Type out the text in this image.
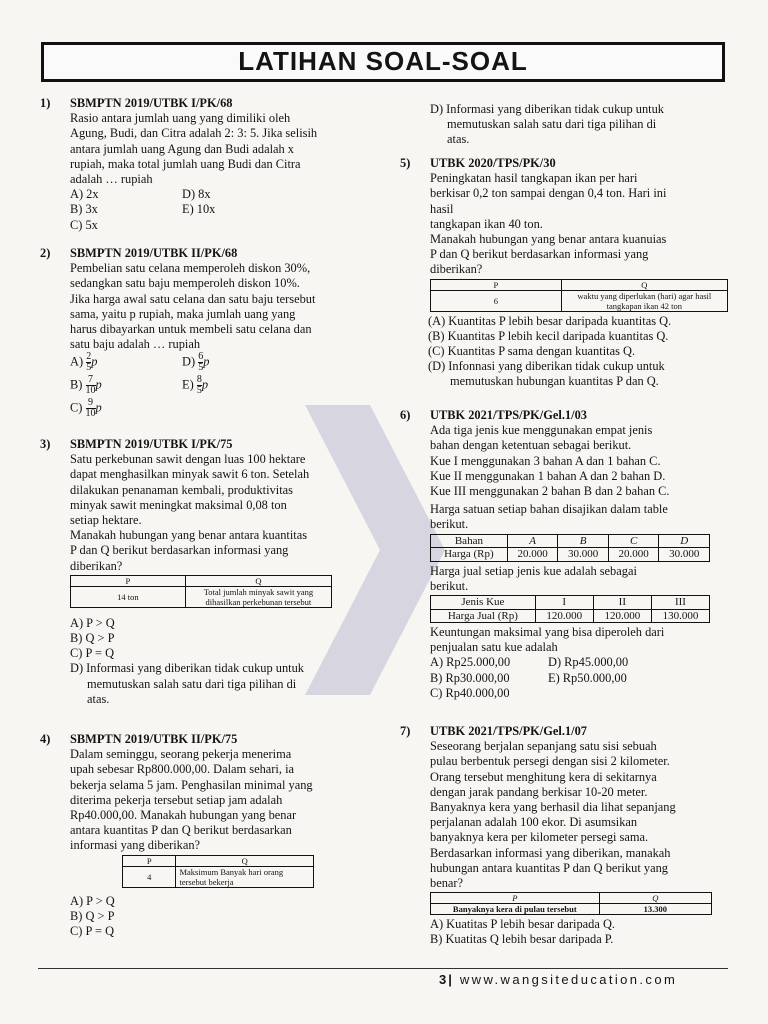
LATIHAN SOAL-SOAL
1) SBMPTN 2019/UTBK I/PK/68
Rasio antara jumlah uang yang dimiliki oleh
Agung, Budi, dan Citra adalah 2: 3: 5. Jika selisih
antara jumlah uang Agung dan Budi adalah x
rupiah, maka total jumlah uang Budi dan Citra
adalah … rupiah
A) 2x	D) 8x
B) 3x	E) 10x
C) 5x
2) SBMPTN 2019/UTBK II/PK/68
Pembelian satu celana memperoleh diskon 30%,
sedangkan satu baju memperoleh diskon 10%.
Jika harga awal satu celana dan satu baju tersebut
sama, yaitu p rupiah, maka jumlah uang yang
harus dibayarkan untuk membeli satu celana dan
satu baju adalah … rupiah
$A) \frac{2}{5}$ p	$D) \frac{6}{5}$ p
$B) \frac{7}{10}$ p	$E) \frac{8}{5}$ p
$C) \frac{9}{10}$ p
3) SBMPTN 2019/UTBK I/PK/75
Satu perkebunan sawit dengan luas 100 hektare
dapat menghasilkan minyak sawit 6 ton. Setelah
dilakukan penanaman kembali, produktivitas
minyak sawit meningkat maksimal 0,08 ton
setiap hektare.
Manakah hubungan yang benar antara kuantitas
P dan Q berikut berdasarkan informasi yang
diberikan?
P	Q
14 ton	Total jumlah minyak sawit yang dihasilkan perkebunan tersebut
A) P > Q
B) Q > P
C) P = Q
D) Informasi yang diberikan tidak cukup untuk
memutuskan salah satu dari tiga pilihan di
atas.
4) SBMPTN 2019/UTBK II/PK/75
Dalam seminggu, seorang pekerja menerima
upah sebesar Rp800.000,00. Dalam sehari, ia
bekerja selama 5 jam. Penghasilan minimal yang
diterima pekerja tersebut setiap jam adalah
Rp40.000,00. Manakah hubungan yang benar
antara kuantitas P dan Q berikut berdasarkan
informasi yang diberikan?
P	Q
4	Maksimum Banyak hari orang tersebut bekerja
A) P > Q
B) Q > P
C) P = Q
D) Informasi yang diberikan tidak cukup untuk
memutuskan salah satu dari tiga pilihan di
atas.
5) UTBK 2020/TPS/PK/30
Peningkatan hasil tangkapan ikan per hari
berkisar 0,2 ton sampai dengan 0,4 ton. Hari ini
hasil
tangkapan ikan 40 ton.
Manakah hubungan yang benar antara kuanuias
P dan Q berikut berdasarkan informasi yang
diberikan?
P	Q
6	waktu yang diperlukan (hari) agar hasil tangkapan ikan 42 ton
(A) Kuantitas P lebih besar daripada kuantitas Q.
(B) Kuantitas P lebih kecil daripada kuantitas Q.
(C) Kuantitas P sama dengan kuantitas Q.
(D) Infonnasi yang diberikan tidak cukup untuk
memutuskan hubungan kuantitas P dan Q.
6) UTBK 2021/TPS/PK/Gel.1/03
Ada tiga jenis kue menggunakan empat jenis
bahan dengan ketentuan sebagai berikut.
Kue I menggunakan 3 bahan A dan 1 bahan C.
Kue II menggunakan 1 bahan A dan 2 bahan D.
Kue III menggunakan 2 bahan B dan 2 bahan C.
Harga satuan setiap bahan disajikan dalam table
berikut.
Bahan	A	B	C	D
Harga (Rp)	20.000	30.000	20.000	30.000
Harga jual setiap jenis kue adalah sebagai
berikut.
Jenis Kue	I	II	III
Harga Jual (Rp)	120.000	120.000	130.000
Keuntungan maksimal yang bisa diperoleh dari
penjualan satu kue adalah
A) Rp25.000,00	D) Rp45.000,00
B) Rp30.000,00	E) Rp50.000,00
C) Rp40.000,00
7) UTBK 2021/TPS/PK/Gel.1/07
Seseorang berjalan sepanjang satu sisi sebuah
pulau berbentuk persegi dengan sisi 2 kilometer.
Orang tersebut menghitung kera di sekitarnya
dengan jarak pandang berkisar 10-20 meter.
Banyaknya kera yang berhasil dia lihat sepanjang
perjalanan adalah 100 ekor. Di asumsikan
banyaknya kera per kilometer persegi sama.
Berdasarkan informasi yang diberikan, manakah
hubungan antara kuantitas P dan Q berikut yang
benar?
P	Q
Banyaknya kera di pulau tersebut	13.300
A) Kuatitas P lebih besar daripada Q.
B) Kuatitas Q lebih besar daripada P.
3 | www.wangsiteducation.com
